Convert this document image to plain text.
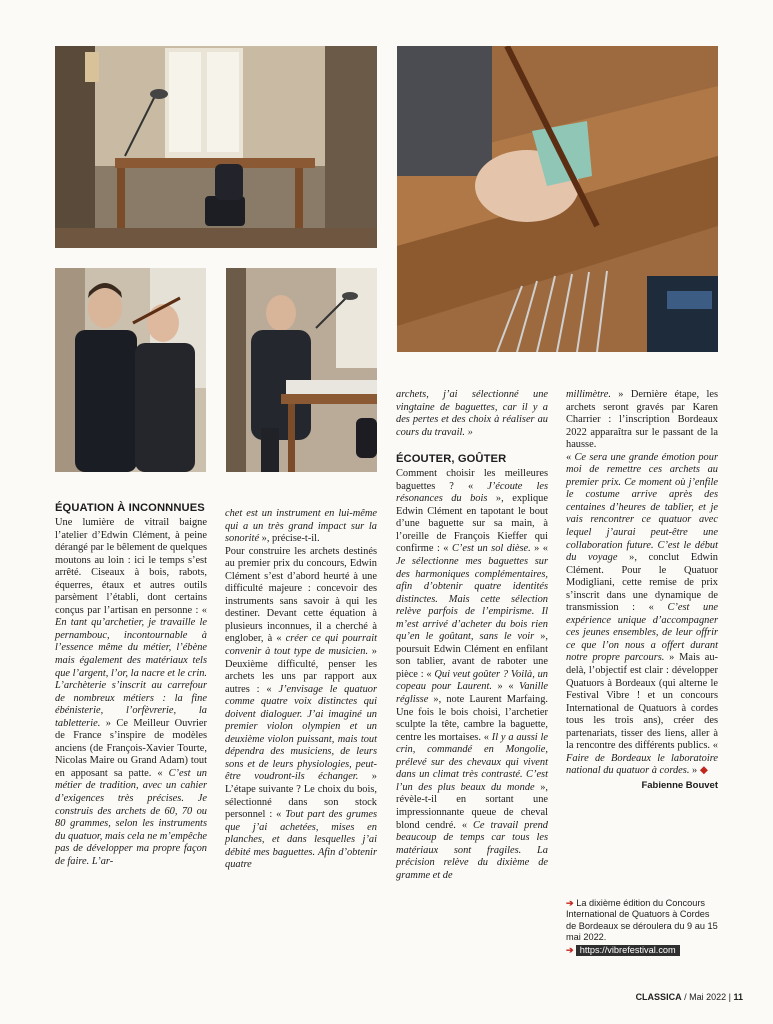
ÉQUATION À INCONNNUES

Une lumière de vitrail baigne l’atelier d’Edwin Clément, à peine dérangé par le bêlement de quelques moutons au loin : ici le temps s’est arrêté. Ciseaux à bois, rabots, équerres, étaux et autres outils parsèment l’établi, dont certains conçus par l’artisan en personne : « En tant qu’archetier, je travaille le pernambouc, incontournable à l’essence même du métier, l’ébène mais également des matériaux tels que l’argent, l’or, la nacre et le crin. L’archèterie s’inscrit au carrefour de nombreux métiers : la fine ébénisterie, l’orfèvrerie, la tabletterie. » Ce Meilleur Ouvrier de France s’inspire de modèles anciens (de François-Xavier Tourte, Nicolas Maire ou Grand Adam) tout en apposant sa patte. « C’est un métier de tradition, avec un cahier d’exigences très précises. Je construis des archets de 60, 70 ou 80 grammes, selon les instruments du quatuor, mais cela ne m’empêche pas de développer ma propre façon de faire. L’ar-

chet est un instrument en lui-même qui a un très grand impact sur la sonorité », précise-t-il.

Pour construire les archets destinés au premier prix du concours, Edwin Clément s’est d’abord heurté à une difficulté majeure : concevoir des instruments sans savoir à qui les destiner. Devant cette équation à plusieurs inconnues, il a cherché à englober, à « créer ce qui pourrait convenir à tout type de musicien. » Deuxième difficulté, penser les archets les uns par rapport aux autres : « J’envisage le quatuor comme quatre voix distinctes qui doivent dialoguer. J’ai imaginé un premier violon olympien et un deuxième violon puissant, mais tout dépendra des musiciens, de leurs sons et de leurs physiologies, peut-être voudront-ils échanger. » L’étape suivante ? Le choix du bois, sélectionné dans son stock personnel : « Tout part des grumes que j’ai achetées, mises en planches, et dans lesquelles j’ai débité mes baguettes. Afin d’obtenir quatre

archets, j’ai sélectionné une vingtaine de baguettes, car il y a des pertes et des choix à réaliser au cours du travail. »

ÉCOUTER, GOÛTER

Comment choisir les meilleures baguettes ? « J’écoute les résonances du bois », explique Edwin Clément en tapotant le bout d’une baguette sur sa main, à l’oreille de François Kieffer qui confirme : « C’est un sol dièse. » « Je sélectionne mes baguettes sur des harmoniques complémentaires, afin d’obtenir quatre identités distinctes. Mais cette sélection relève parfois de l’empirisme. Il m’est arrivé d’acheter du bois rien qu’en le goûtant, sans le voir », poursuit Edwin Clément en enfilant son tablier, avant de raboter une pièce : « Qui veut goûter ? Voilà, un copeau pour Laurent. » « Vanille réglisse », note Laurent Marfaing. Une fois le bois choisi, l’archetier sculpte la tête, cambre la baguette, centre les mortaises. « Il y a aussi le crin, commandé en Mongolie, prélevé sur des chevaux qui vivent dans un climat très contrasté. C’est l’un des plus beaux du monde », révèle-t-il en sortant une impressionnante queue de cheval blond cendré. « Ce travail prend beaucoup de temps car tous les matériaux sont fragiles. La précision relève du dixième de gramme et de

millimètre. » Dernière étape, les archets seront gravés par Karen Charrier : l’inscription Bordeaux 2022 apparaîtra sur le passant de la hausse.

« Ce sera une grande émotion pour moi de remettre ces archets au premier prix. Ce moment où j’enfile le costume arrive après des centaines d’heures de tablier, et je vais rencontrer ce quatuor avec lequel j’aurai peut-être une collaboration future. C’est le début du voyage », conclut Edwin Clément. Pour le Quatuor Modigliani, cette remise de prix s’inscrit dans une dynamique de transmission : « C’est une expérience unique d’accompagner ces jeunes ensembles, de leur offrir ce que l’on nous a offert durant notre propre parcours. » Mais au-delà, l’objectif est clair : développer Quatuors à Bordeaux (qui alterne le Festival Vibre ! et un concours International de Quatuors à cordes tous les trois ans), créer des partenariats, tisser des liens, aller à la rencontre des différents publics. « Faire de Bordeaux le laboratoire national du quatuor à cordes. » ◆

Fabienne Bouvet
➔ La dixième édition du Concours International de Quatuors à Cordes de Bordeaux se déroulera du 9 au 15 mai 2022.
➔ https://vibrefestival.com
CLASSICA / Mai 2022 | 11
